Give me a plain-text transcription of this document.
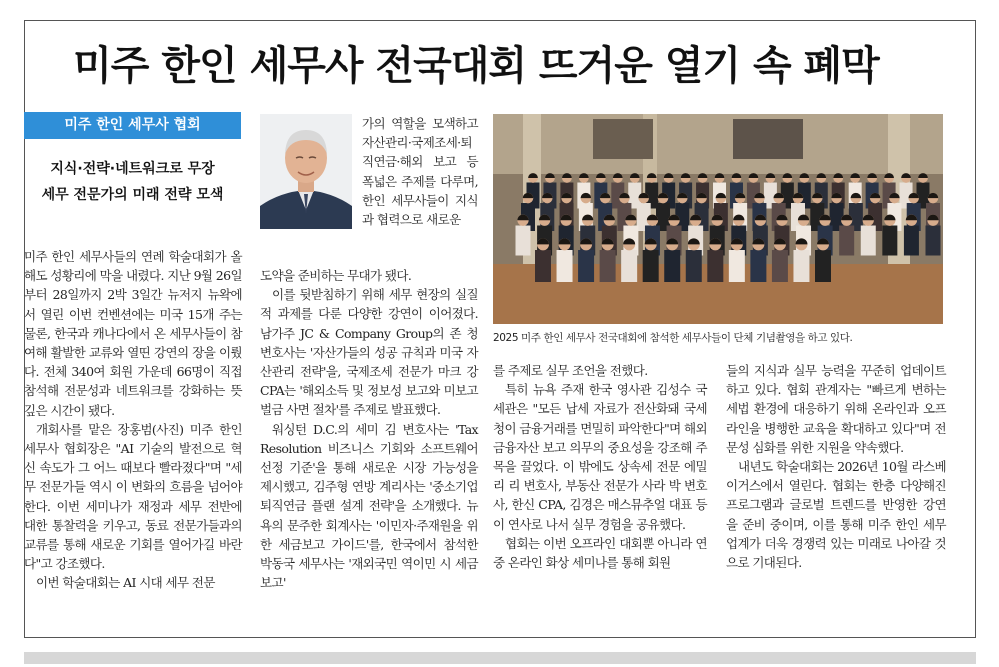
미주 한인 세무사 전국대회 뜨거운 열기 속 폐막
미주 한인 세무사 협회
지식·전략·네트워크로 무장
세무 전문가의 미래 전략 모색
2025 미주 한인 세무사 전국대회에 참석한 세무사들이 단체 기념촬영을 하고 있다.

미주 한인 세무사들의 연례 학술대회가 올해도 성황리에 막을 내렸다. 지난 9월 26일부터 28일까지 2박 3일간 뉴저지 뉴왁에서 열린 이번 컨벤션에는 미국 15개 주는 물론, 한국과 캐나다에서 온 세무사들이 참여해 활발한 교류와 열띤 강연의 장을 이뤘다. 전체 340여 회원 가운데 66명이 직접 참석해 전문성과 네트워크를 강화하는 뜻깊은 시간이 됐다.

개회사를 맡은 장홍범(사진) 미주 한인 세무사 협회장은 "AI 기술의 발전으로 혁신 속도가 그 어느 때보다 빨라졌다"며 "세무 전문가들 역시 이 변화의 흐름을 넘어야 한다. 이번 세미나가 재정과 세무 전반에 대한 통찰력을 키우고, 동료 전문가들과의 교류를 통해 새로운 기회를 열어가길 바란다"고 강조했다.

이번 학술대회는 AI 시대 세무 전문

가의 역할을 모색하고 자산관리·국제조세·퇴직연금·해외 보고 등 폭넓은 주제를 다루며, 한인 세무사들이 지식과 협력으로 새로운

도약을 준비하는 무대가 됐다.

이를 뒷받침하기 위해 세무 현장의 실질적 과제를 다룬 다양한 강연이 이어졌다. 남가주 JC & Company Group의 존 청 변호사는 '자산가들의 성공 규칙과 미국 자산관리 전략'을, 국제조세 전문가 마크 강 CPA는 '해외소득 및 정보성 보고와 미보고 벌금 사면 절차'를 주제로 발표했다.

워싱턴 D.C.의 세미 김 변호사는 'Tax Resolution 비즈니스 기회와 소프트웨어 선정 기준'을 통해 새로운 시장 가능성을 제시했고, 김주형 연방 계리사는 '중소기업 퇴직연금 플랜 설계 전략'을 소개했다. 뉴욕의 문주한 회계사는 '이민자·주재원을 위한 세금보고 가이드'를, 한국에서 참석한 박동국 세무사는 '재외국민 역이민 시 세금보고'

를 주제로 실무 조언을 전했다.

특히 뉴욕 주재 한국 영사관 김성수 국세관은 "모든 납세 자료가 전산화돼 국세청이 금융거래를 면밀히 파악한다"며 해외 금융자산 보고 의무의 중요성을 강조해 주목을 끌었다. 이 밖에도 상속세 전문 에밀리 리 변호사, 부동산 전문가 사라 박 변호사, 한신 CPA, 김경은 매스뮤추얼 대표 등이 연사로 나서 실무 경험을 공유했다.

협회는 이번 오프라인 대회뿐 아니라 연중 온라인 화상 세미나를 통해 회원

들의 지식과 실무 능력을 꾸준히 업데이트하고 있다. 협회 관계자는 "빠르게 변하는 세법 환경에 대응하기 위해 온라인과 오프라인을 병행한 교육을 확대하고 있다"며 전문성 심화를 위한 지원을 약속했다.

내년도 학술대회는 2026년 10월 라스베이거스에서 열린다. 협회는 한층 다양해진 프로그램과 글로벌 트렌드를 반영한 강연을 준비 중이며, 이를 통해 미주 한인 세무업계가 더욱 경쟁력 있는 미래로 나아갈 것으로 기대된다.
